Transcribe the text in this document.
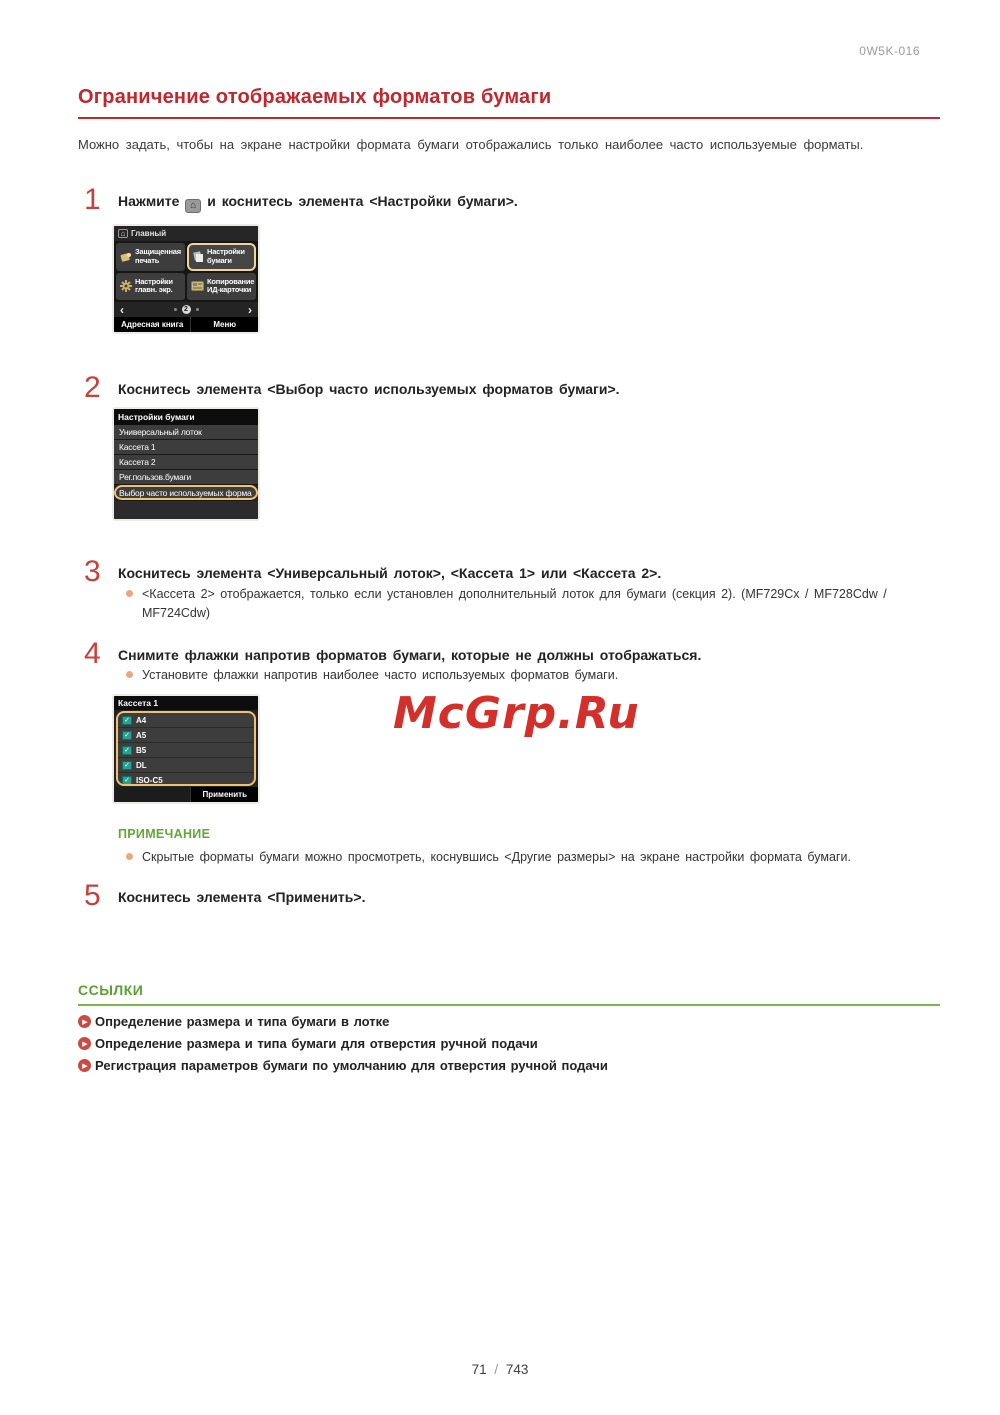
0W5K-016
Ограничение отображаемых форматов бумаги

Можно задать, чтобы на экране настройки формата бумаги отображались только наиболее часто используемые форматы.

1	Нажмите ⌂ и коснитесь элемента <Настройки бумаги>.
⌂ Главный
Защищенная
печать
Настройки
бумаги
Настройки
главн. экр.
Копирование
ИД-карточки
‹	2	›
Адресная книга	Меню
2	Коснитесь элемента <Выбор часто используемых форматов бумаги>.
Настройки бумаги
Универсальный лоток
Кассета 1
Кассета 2
Рег.пользов.бумаги
Выбор часто используемых форма
3	Коснитесь элемента <Универсальный лоток>, <Кассета 1> или <Кассета 2>.
<Кассета 2> отображается, только если установлен дополнительный лоток для бумаги (секция 2). (MF729Cx / MF728Cdw / MF724Cdw)
4	Снимите флажки напротив форматов бумаги, которые не должны отображаться.
Установите флажки напротив наиболее часто используемых форматов бумаги.
Кассета 1
✓ A4
✓ A5
✓ B5
✓ DL
✓ ISO-C5
Применить
McGrp.Ru
ПРИМЕЧАНИЕ
Скрытые форматы бумаги можно просмотреть, коснувшись <Другие размеры> на экране настройки формата бумаги.
5	Коснитесь элемента <Применить>.
ССЫЛКИ
▶ Определение размера и типа бумаги в лотке
▶ Определение размера и типа бумаги для отверстия ручной подачи
▶ Регистрация параметров бумаги по умолчанию для отверстия ручной подачи
71 / 743
